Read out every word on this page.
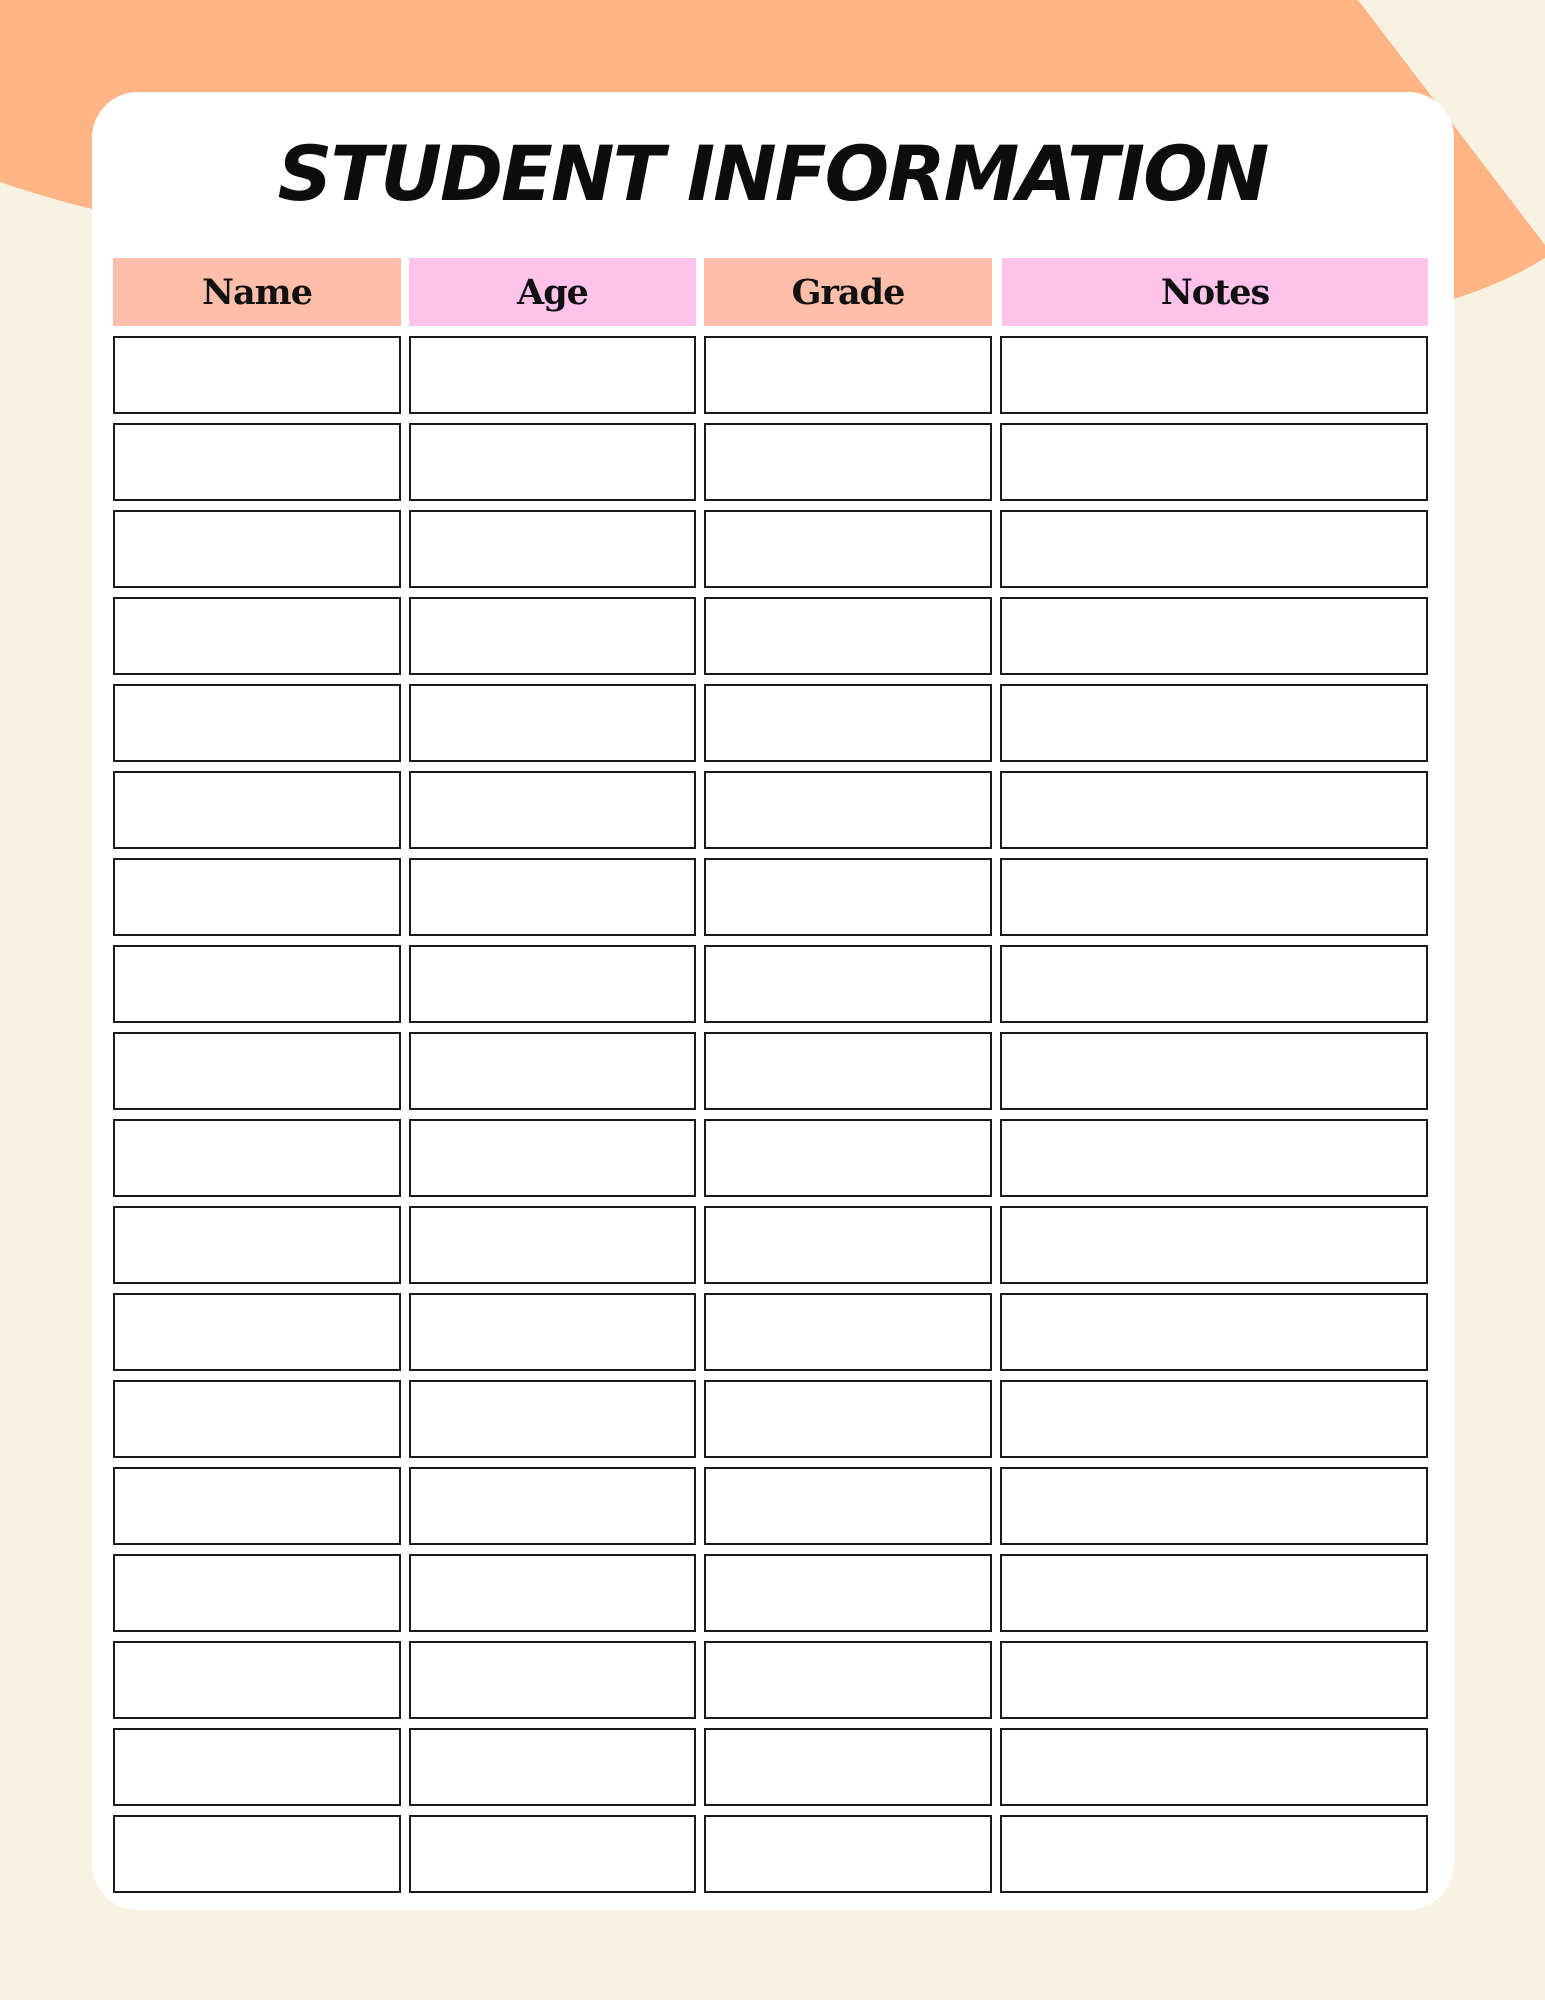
STUDENT INFORMATION
Name	Age	Grade	Notes
